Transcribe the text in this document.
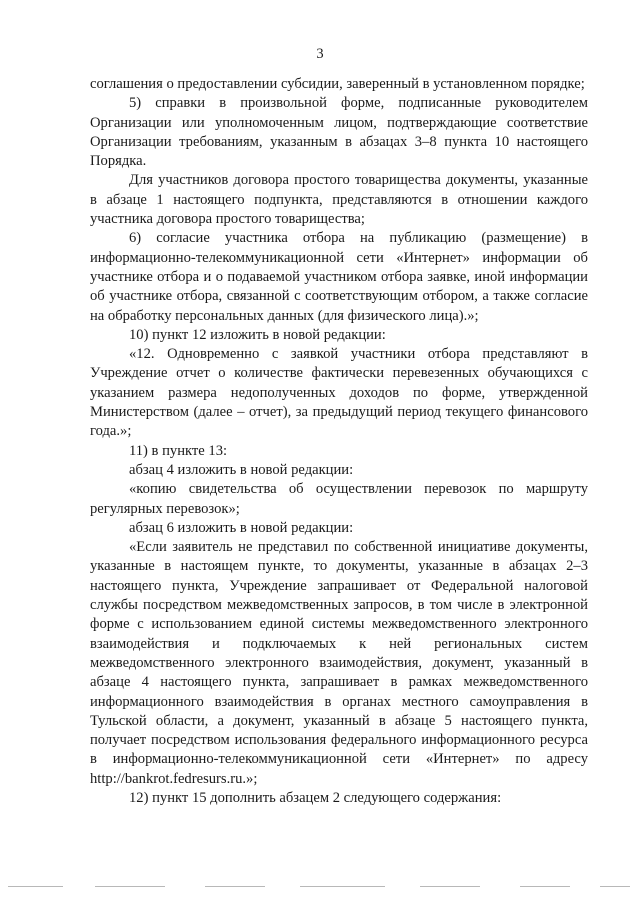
3

соглашения о предоставлении субсидии, заверенный в установленном порядке;

5) справки в произвольной форме, подписанные руководителем Организации или уполномоченным лицом, подтверждающие соответствие Организации требованиям, указанным в абзацах 3–8 пункта 10 настоящего Порядка.

Для участников договора простого товарищества документы, указанные в абзаце 1 настоящего подпункта, представляются в отношении каждого участника договора простого товарищества;

6) согласие участника отбора на публикацию (размещение) в информационно-телекоммуникационной сети «Интернет» информации об участнике отбора и о подаваемой участником отбора заявке, иной информации об участнике отбора, связанной с соответствующим отбором, а также согласие на обработку персональных данных (для физического лица).»;

10) пункт 12 изложить в новой редакции:

«12. Одновременно с заявкой участники отбора представляют в Учреждение отчет о количестве фактически перевезенных обучающихся с указанием размера недополученных доходов по форме, утвержденной Министерством (далее – отчет), за предыдущий период текущего финансового года.»;

11) в пункте 13:

абзац 4 изложить в новой редакции:

«копию свидетельства об осуществлении перевозок по маршруту регулярных перевозок»;

абзац 6 изложить в новой редакции:

«Если заявитель не представил по собственной инициативе документы, указанные в настоящем пункте, то документы, указанные в абзацах 2–3 настоящего пункта, Учреждение запрашивает от Федеральной налоговой службы посредством межведомственных запросов, в том числе в электронной форме с использованием единой системы межведомственного электронного взаимодействия и подключаемых к ней региональных систем межведомственного электронного взаимодействия, документ, указанный в абзаце 4 настоящего пункта, запрашивает в рамках межведомственного информационного взаимодействия в органах местного самоуправления в Тульской области, а документ, указанный в абзаце 5 настоящего пункта, получает посредством использования федерального информационного ресурса в информационно-телекоммуникационной сети «Интернет» по адресу http://bankrot.fedresurs.ru.»;

12) пункт 15 дополнить абзацем 2 следующего содержания:
